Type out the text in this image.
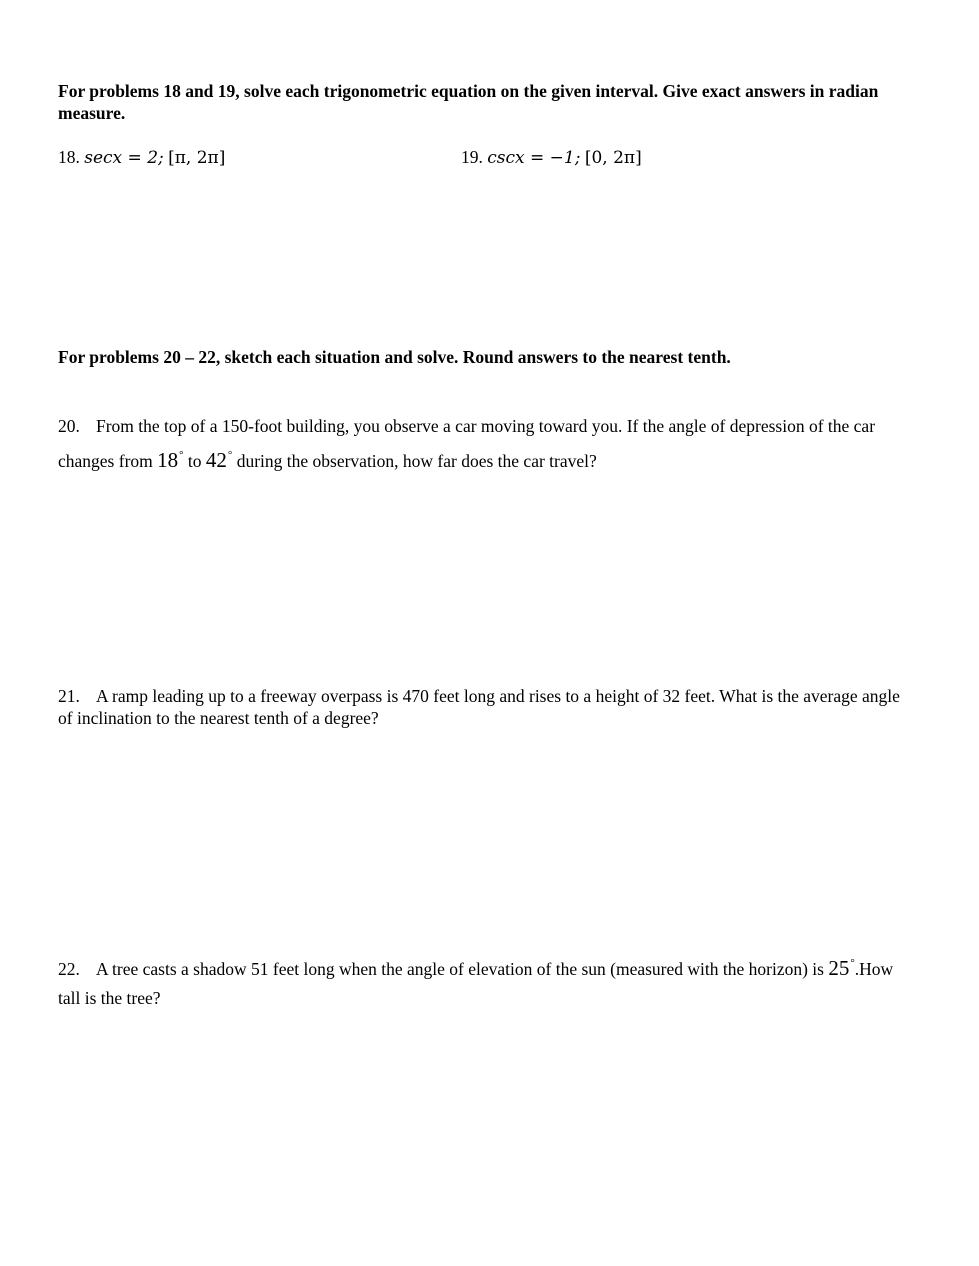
For problems 18 and 19, solve each trigonometric equation on the given interval. Give exact answers in radian measure.
18. secx = 2; [π, 2π]	19. cscx = −1; [0, 2π]
For problems 20 – 22, sketch each situation and solve. Round answers to the nearest tenth.
20. From the top of a 150-foot building, you observe a car moving toward you. If the angle of depression of the car changes from 18° to 42° during the observation, how far does the car travel?
21. A ramp leading up to a freeway overpass is 470 feet long and rises to a height of 32 feet. What is the average angle of inclination to the nearest tenth of a degree?
22. A tree casts a shadow 51 feet long when the angle of elevation of the sun (measured with the horizon) is 25°.How tall is the tree?
